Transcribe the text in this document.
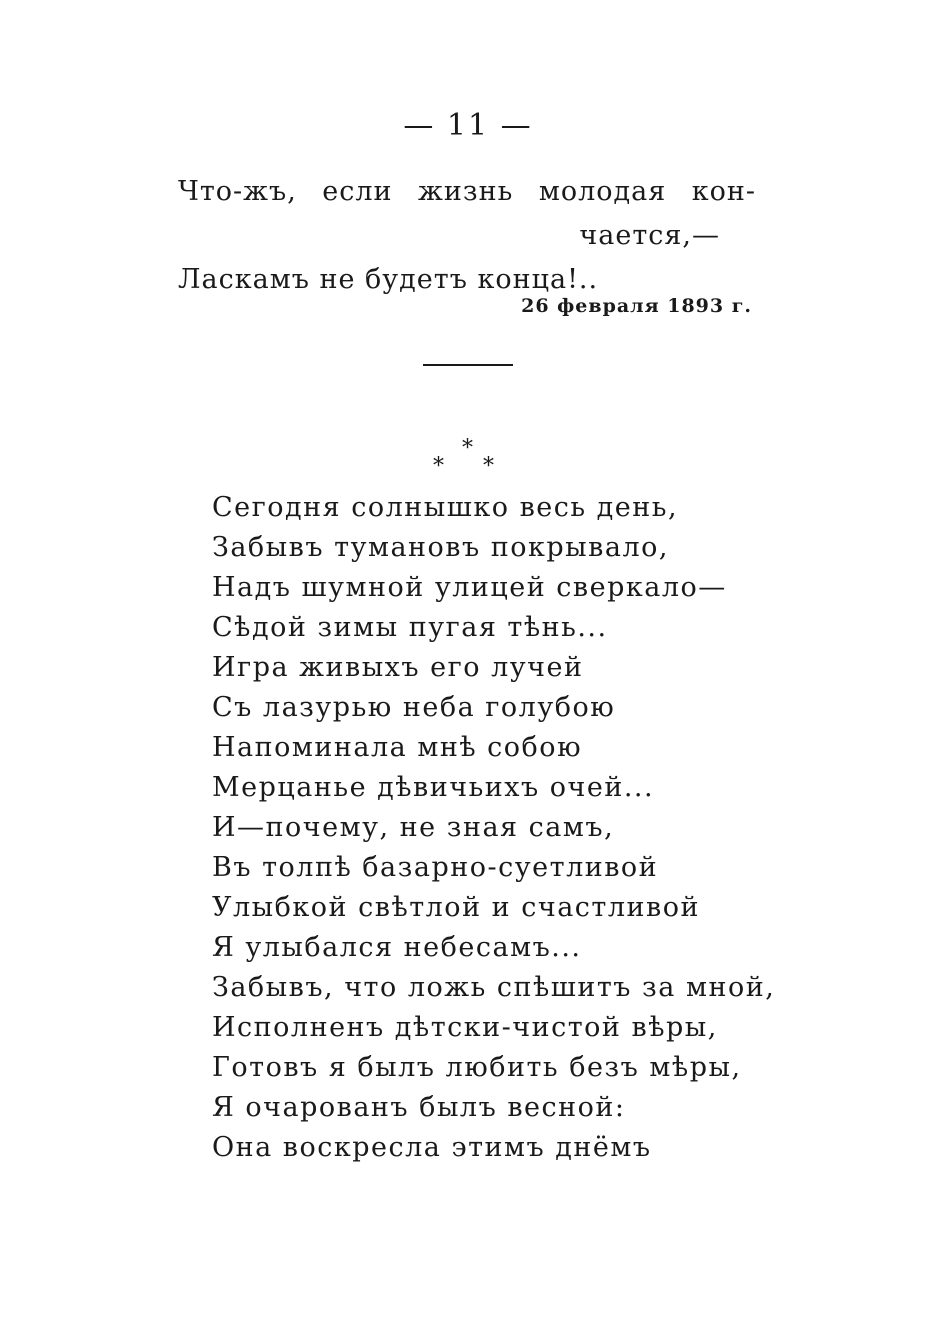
— 11 —
Что-жъ, если жизнь молодая кон-
чается,—
Ласкамъ не будетъ конца!..
26 февраля 1893 г.
*
* *
Сегодня солнышко весь день,
Забывъ тумановъ покрывало,
Надъ шумной улицей сверкало—
Сѣдой зимы пугая тѣнь...
Игра живыхъ его лучей
Съ лазурью неба голубою
Напоминала мнѣ собою
Мерцанье дѣвичьихъ очей...
И—почему, не зная самъ,
Въ толпѣ базарно-суетливой
Улыбкой свѣтлой и счастливой
Я улыбался небесамъ...
Забывъ, что ложь спѣшитъ за мной,
Исполненъ дѣтски-чистой вѣры,
Готовъ я былъ любить безъ мѣры,
Я очарованъ былъ весной:
Она воскресла этимъ днёмъ
